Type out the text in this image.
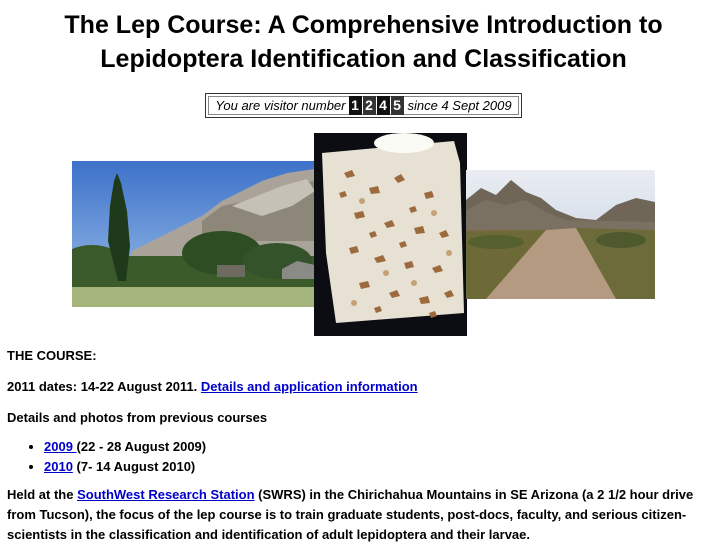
The Lep Course: A Comprehensive Introduction to
Lepidoptera Identification and Classification
You are visitor number 1 2 4 5 since 4 Sept 2009

THE COURSE:

2011 dates: 14-22 August 2011. Details and application information

Details and photos from previous courses

• 2009 (22 - 28 August 2009)
• 2010 (7- 14 August 2010)

Held at the SouthWest Research Station (SWRS) in the Chirichahua Mountains in SE Arizona (a 2 1/2 hour drive from Tucson), the focus of the lep course is to train graduate students, post-docs, faculty, and serious citizen-scientists in the classification and identification of adult lepidoptera and their larvae.
